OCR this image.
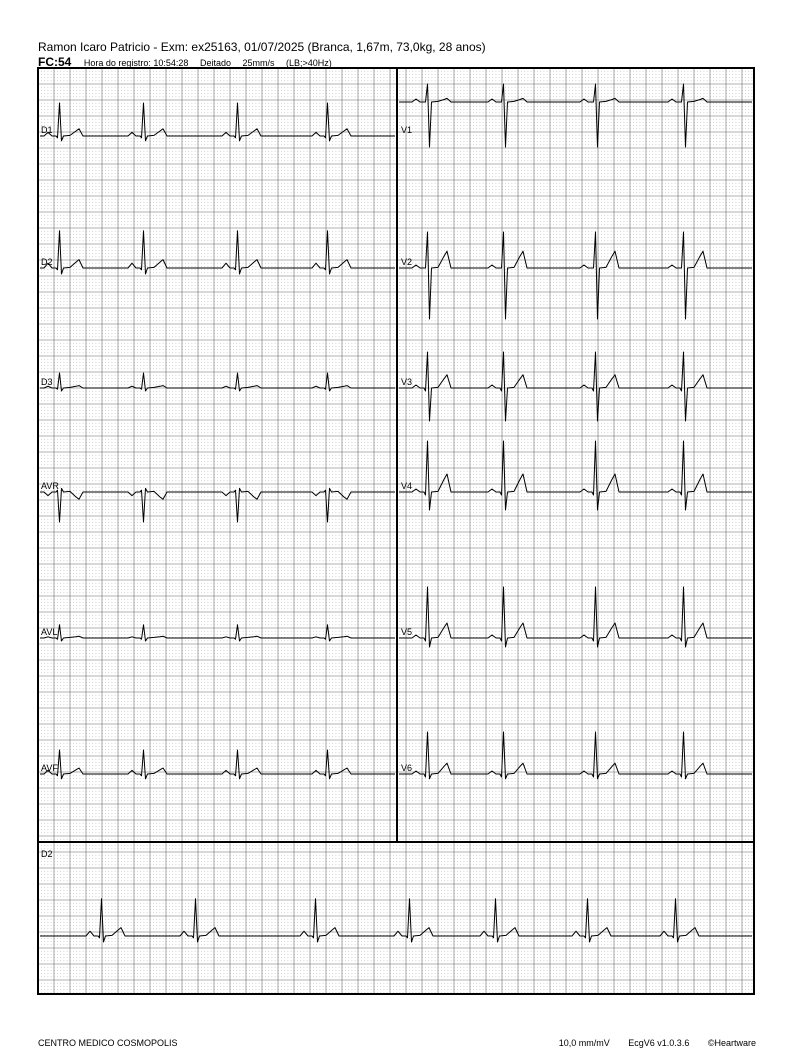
Ramon Icaro Patricio - Exm: ex25163, 01/07/2025 (Branca, 1,67m, 73,0kg, 28 anos)
FC:54 Hora do registro: 10:54:28 Deitado 25mm/s (LB;>40Hz)
D1
D2
D3
AVR
AVL
AVF
V1
V2
V3
V4
V5
V6
D2
CENTRO MEDICO COSMOPOLIS	10,0 mm/mV EcgV6 v1.0.3.6 ©Heartware
